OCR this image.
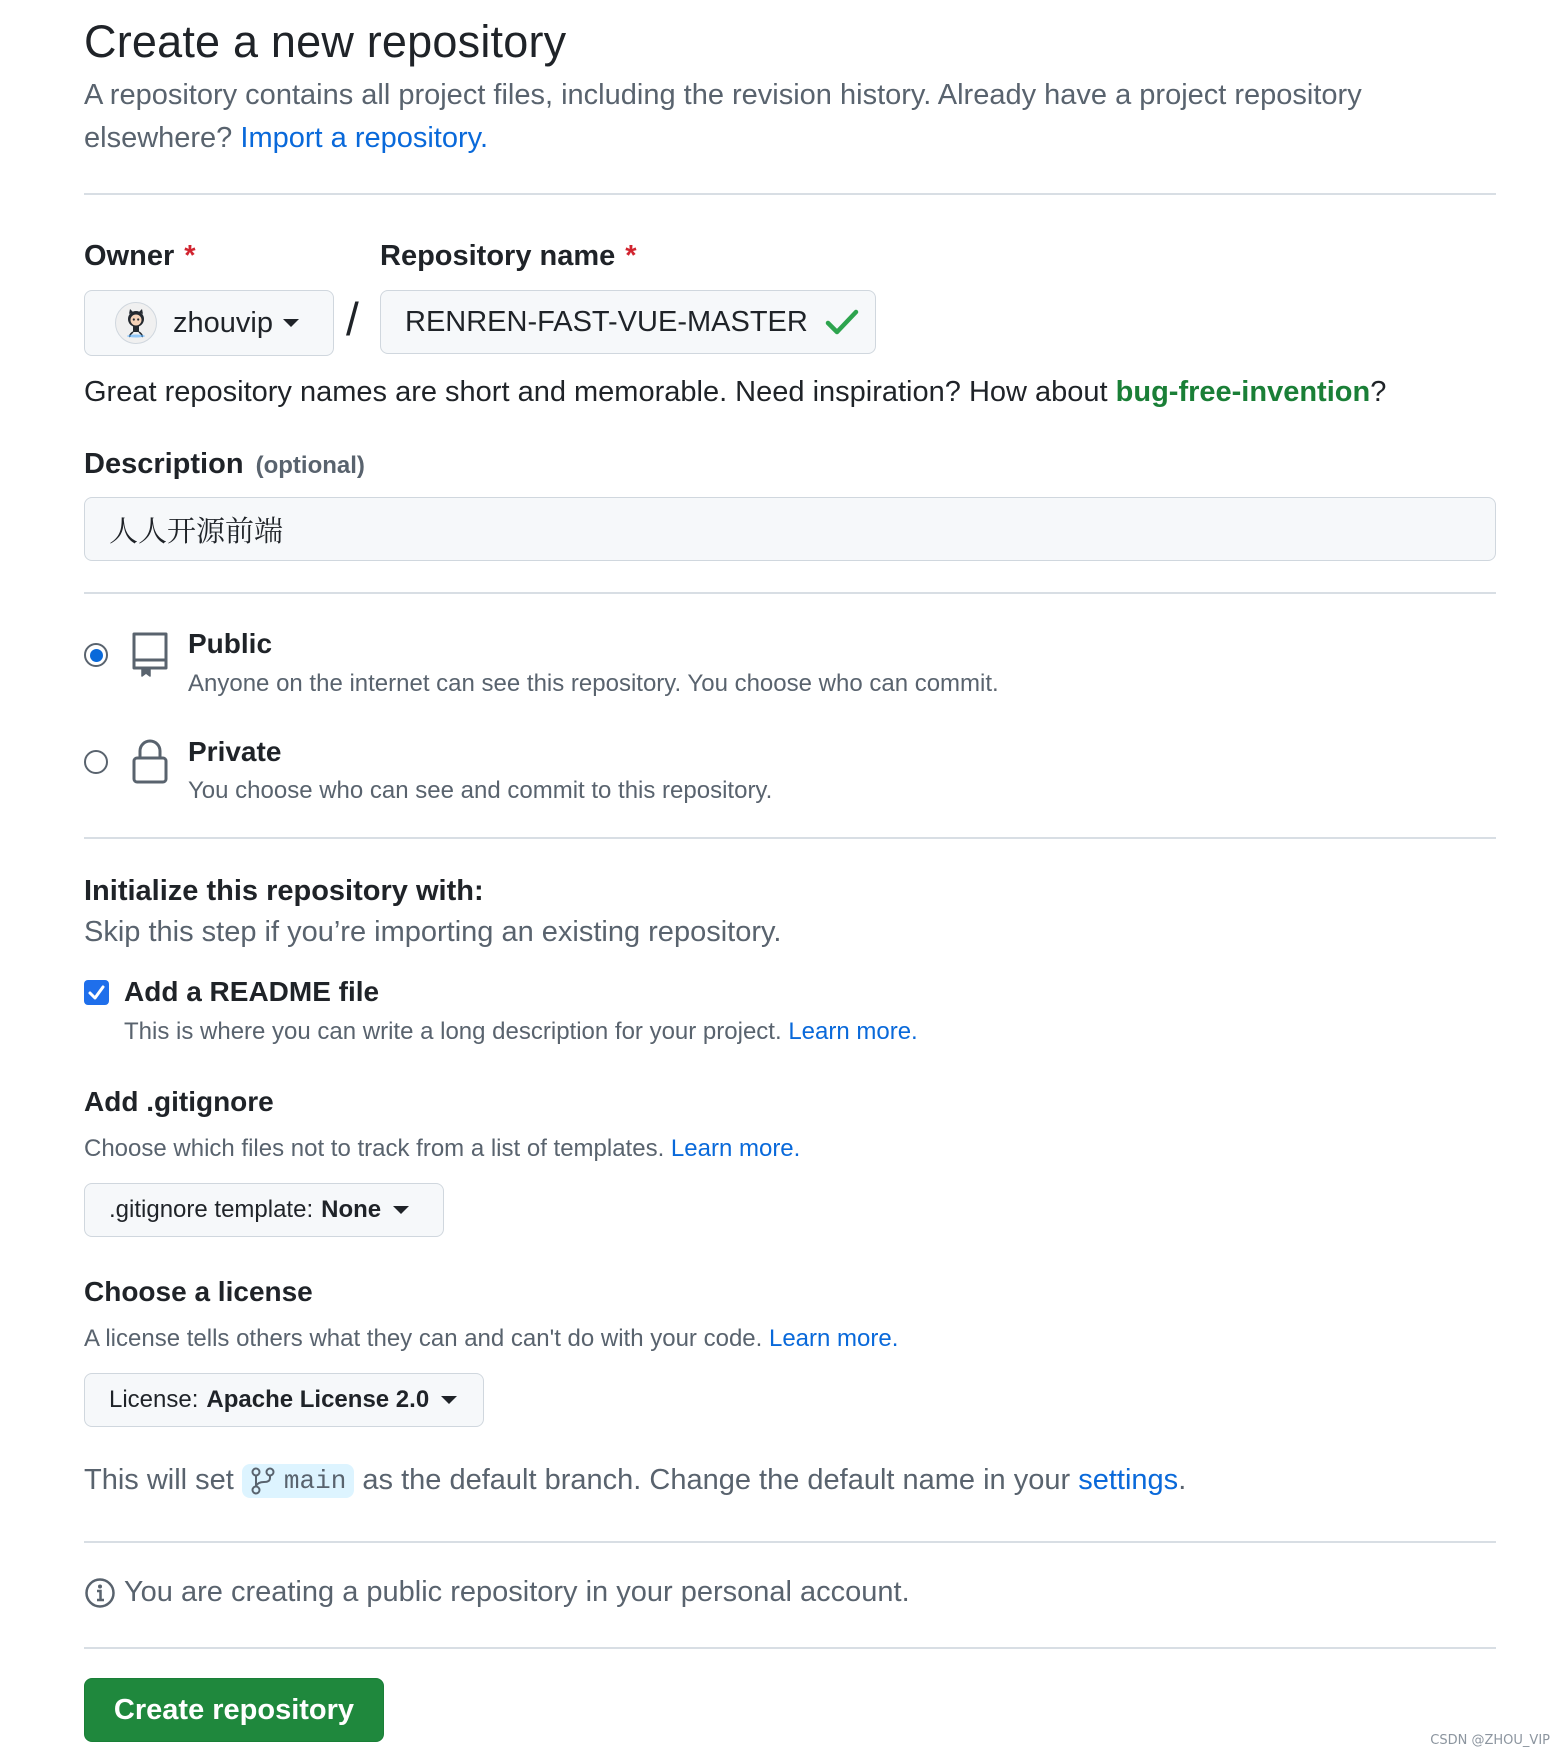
Create a new repository
A repository contains all project files, including the revision history. Already have a project repository elsewhere? Import a repository.
Owner *
zhouvip /
Repository name *
RENREN-FAST-VUE-MASTER
Great repository names are short and memorable. Need inspiration? How about bug-free-invention?
Description (optional)
人人开源前端
Public
Anyone on the internet can see this repository. You choose who can commit.
Private
You choose who can see and commit to this repository.
Initialize this repository with:
Skip this step if you’re importing an existing repository.
Add a README file
This is where you can write a long description for your project. Learn more.
Add .gitignore
Choose which files not to track from a list of templates. Learn more.
.gitignore template: None
Choose a license
A license tells others what they can and can't do with your code. Learn more.
License: Apache License 2.0
This will set main as the default branch. Change the default name in your settings.
You are creating a public repository in your personal account.
Create repository
CSDN @ZHOU_VIP
